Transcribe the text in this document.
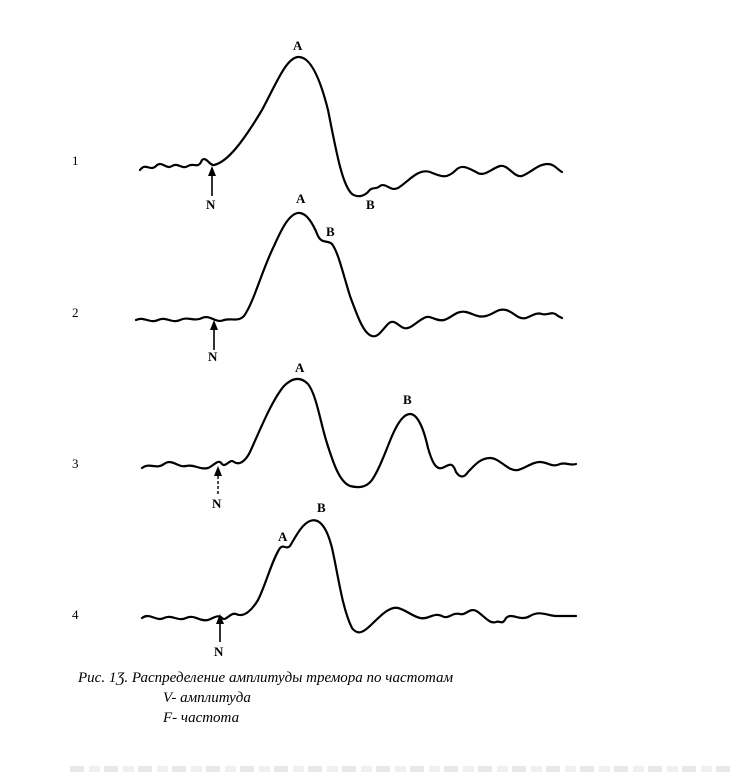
1
N
A
B
2
N
A
B
3
N
A
B
4
N
A
B
Рис. 1Ʒ. Распределение амплитуды тремора по частотам
V- амплитуда
F- частота
